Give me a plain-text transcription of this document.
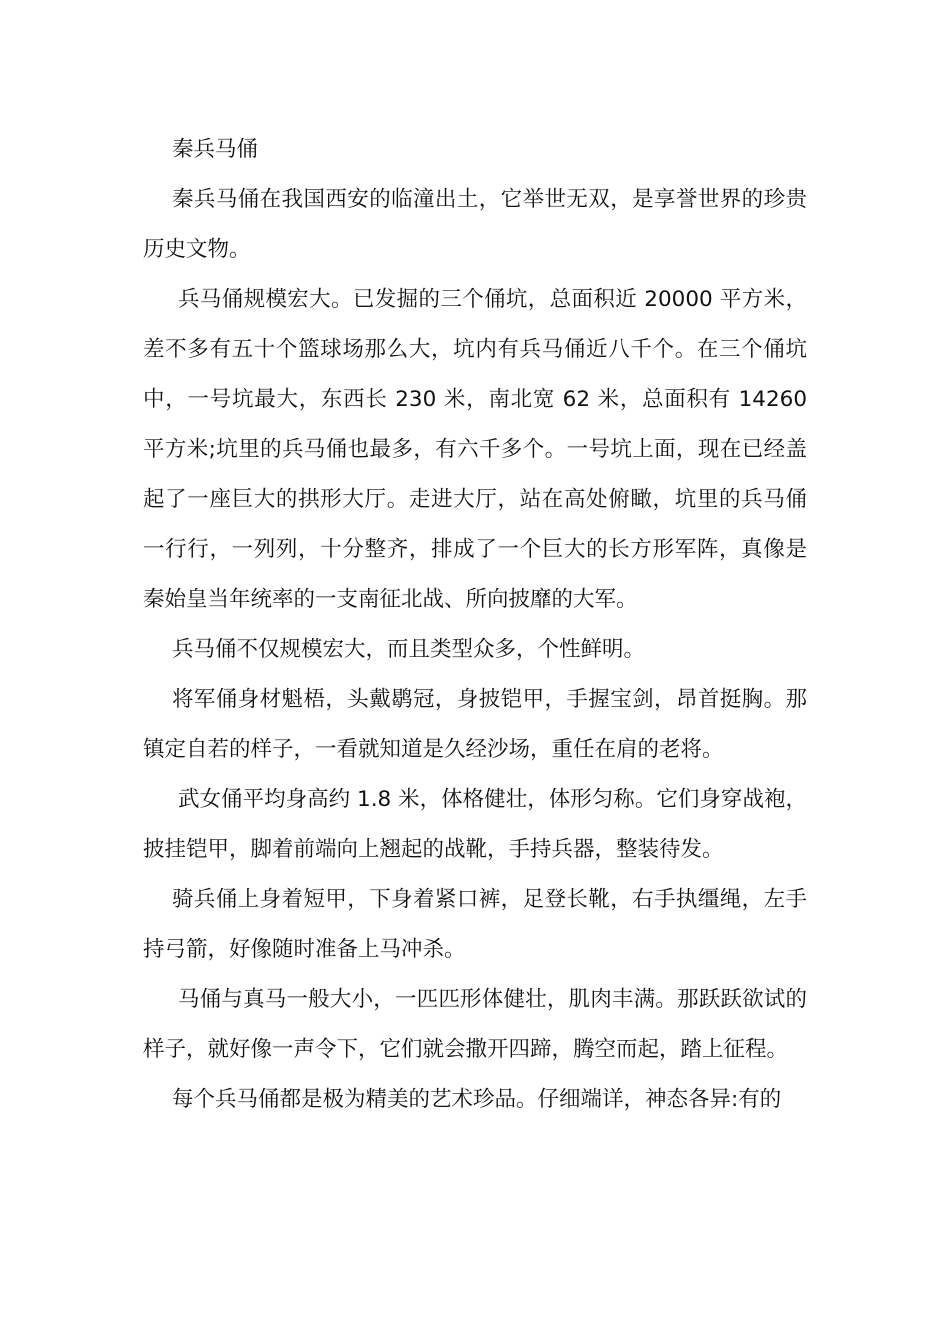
秦兵马俑

秦兵马俑在我国西安的临潼出土，它举世无双，是享誉世界的珍贵历史文物。

兵马俑规模宏大。已发掘的三个俑坑，总面积近 20000 平方米，差不多有五十个篮球场那么大，坑内有兵马俑近八千个。在三个俑坑中，一号坑最大，东西长 230 米，南北宽 62 米，总面积有 14260 平方米;坑里的兵马俑也最多，有六千多个。一号坑上面，现在已经盖起了一座巨大的拱形大厅。走进大厅，站在高处俯瞰，坑里的兵马俑一行行，一列列，十分整齐，排成了一个巨大的长方形军阵，真像是秦始皇当年统率的一支南征北战、所向披靡的大军。

兵马俑不仅规模宏大，而且类型众多，个性鲜明。

将军俑身材魁梧，头戴鹖冠，身披铠甲，手握宝剑，昂首挺胸。那镇定自若的样子，一看就知道是久经沙场，重任在肩的老将。

武女俑平均身高约 1.8 米，体格健壮，体形匀称。它们身穿战袍，披挂铠甲，脚着前端向上翘起的战靴，手持兵器，整装待发。

骑兵俑上身着短甲，下身着紧口裤，足登长靴，右手执缰绳，左手持弓箭，好像随时准备上马冲杀。

马俑与真马一般大小，一匹匹形体健壮，肌肉丰满。那跃跃欲试的样子，就好像一声令下，它们就会撒开四蹄，腾空而起，踏上征程。

每个兵马俑都是极为精美的艺术珍品。仔细端详，神态各异:有的
